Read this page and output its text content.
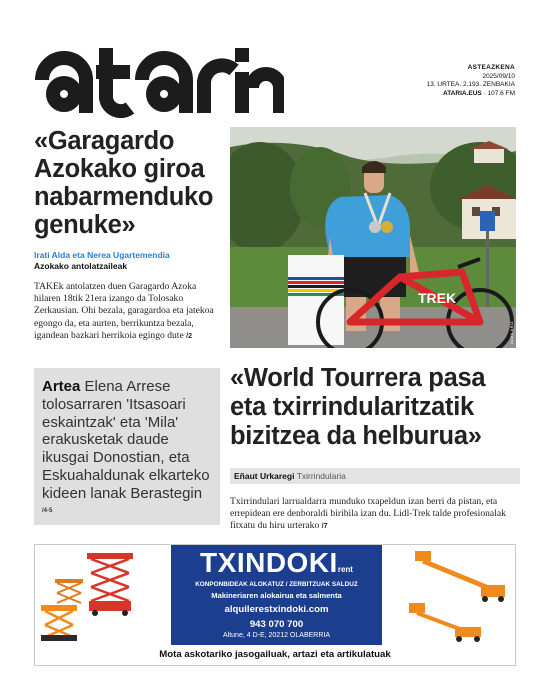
ataria
ASTEAZKENA
2025/09/10
13. URTEA. 2.193. ZENBAKIA
ATARIA.EUS · 107.6 FM
«Garagardo Azokako giroa nabarmenduko genuke»
Irati Alda eta Nerea Ugartemendia
Azokako antolatzaileak

TAKEk antolatzen duen Garagardo Azoka hilaren 18tik 21era izango da Tolosako Zerkausian. Ohi bezala, garagardoa eta jatekoa egongo da, eta aurten, berrikuntza bezala, igandean bazkari herrikoia egingo dute /2

Artea Elena Arrese tolosarraren 'Itsasoari eskaintzak' eta 'Mila' erakusketak daude ikusgai Donostian, eta Eskuahaldunak elkarteko kideen lanak Berastegin /4-5

TREK
ALEX ARIZ
«World Tourrera pasa eta txirrindularitzatik bizitzea da helburua»
Eñaut Urkaregi Txirrindularia

Txirrindulari larrualdarra munduko txapeldun izan berri da pistan, eta errepidean ere denboraldi biribila izan du. Lidl-Trek talde profesionalak fitxatu du hiru urterako /7

TXINDOKIrent
KONPONBIDEAK ALOKATUZ / ZERBITZUAK SALDUZ
Makineriaren alokairua eta salmenta
alquilerestxindoki.com
943 070 700
Altune, 4 D-E, 20212 OLABERRIA
Mota askotariko jasogailuak, artazi eta artikulatuak
